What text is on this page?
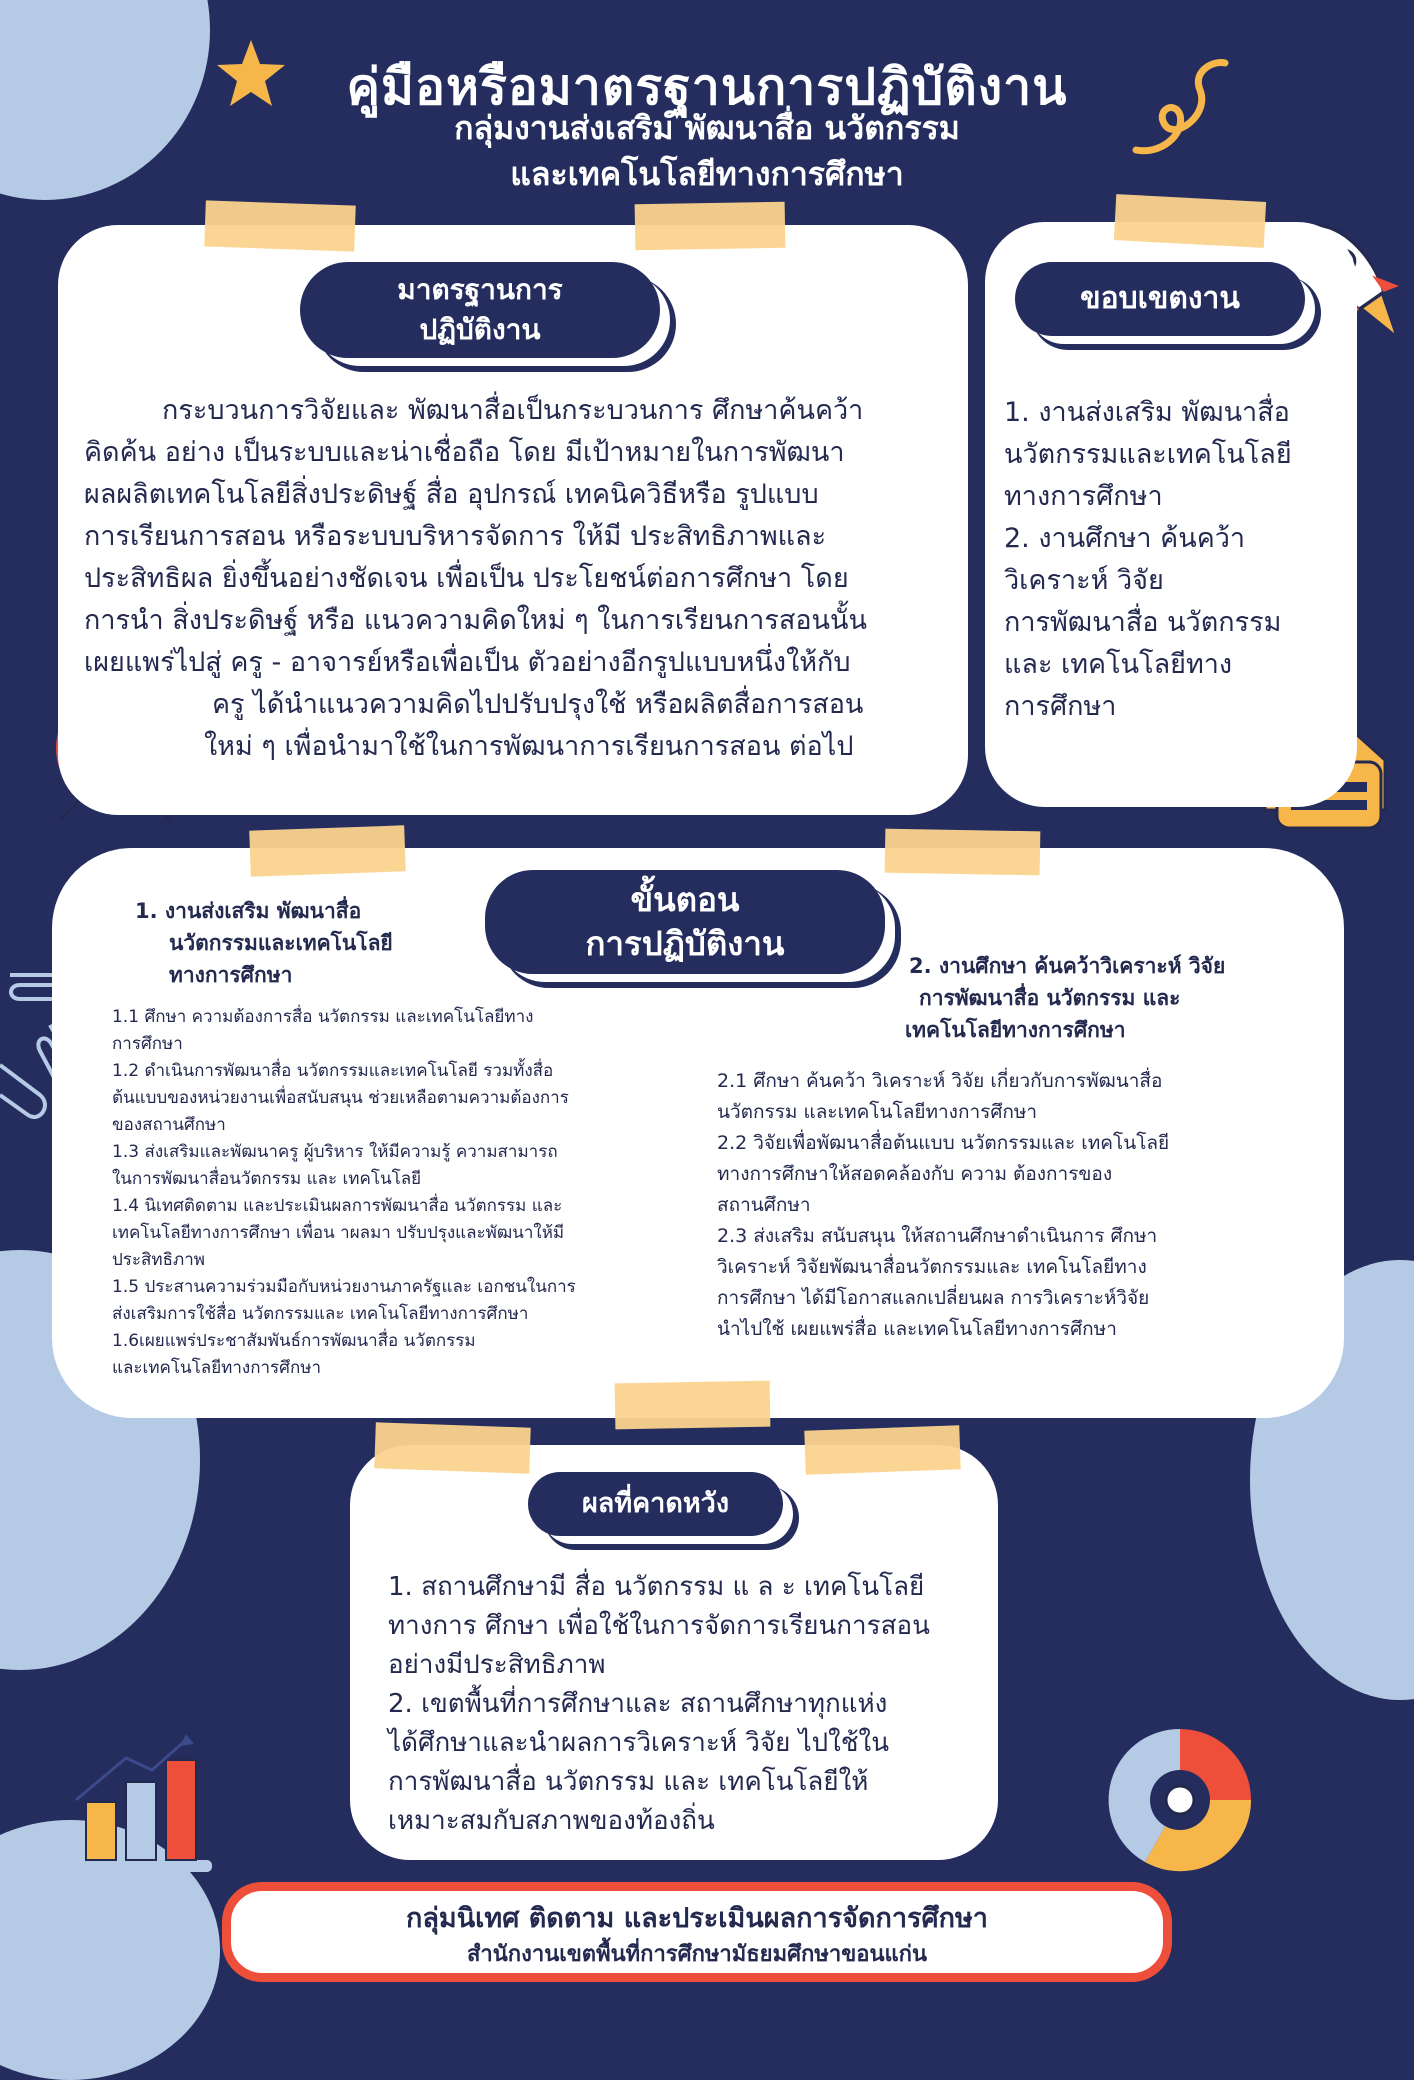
คู่มือหรือมาตรฐานการปฏิบัติงาน
กลุ่มงานส่งเสริม พัฒนาสื่อ นวัตกรรม
และเทคโนโลยีทางการศึกษา
มาตรฐานการ
ปฏิบัติงาน
กระบวนการวิจัยและ พัฒนาสื่อเป็นกระบวนการ ศึกษาค้นคว้า
คิดค้น อย่าง เป็นระบบและน่าเชื่อถือ โดย มีเป้าหมายในการพัฒนา
ผลผลิตเทคโนโลยีสิ่งประดิษฐ์ สื่อ อุปกรณ์ เทคนิควิธีหรือ รูปแบบ
การเรียนการสอน หรือระบบบริหารจัดการ ให้มี ประสิทธิภาพและ
ประสิทธิผล ยิ่งขึ้นอย่างชัดเจน เพื่อเป็น ประโยชน์ต่อการศึกษา โดย
การนำ สิ่งประดิษฐ์ หรือ แนวความคิดใหม่ ๆ ในการเรียนการสอนนั้น
เผยแพร่ไปสู่ ครู - อาจารย์หรือเพื่อเป็น ตัวอย่างอีกรูปแบบหนึ่งให้กับ
ครู ได้นำแนวความคิดไปปรับปรุงใช้ หรือผลิตสื่อการสอน
ใหม่ ๆ เพื่อนำมาใช้ในการพัฒนาการเรียนการสอน ต่อไป
ขอบเขตงาน
1. งานส่งเสริม พัฒนาสื่อ
นวัตกรรมและเทคโนโลยี
ทางการศึกษา
2. งานศึกษา ค้นคว้า
วิเคราะห์ วิจัย
การพัฒนาสื่อ นวัตกรรม
และ เทคโนโลยีทาง
การศึกษา
ขั้นตอน
การปฏิบัติงาน
1. งานส่งเสริม พัฒนาสื่อ
นวัตกรรมและเทคโนโลยี
ทางการศึกษา
1.1 ศึกษา ความต้องการสื่อ นวัตกรรม และเทคโนโลยีทาง
การศึกษา
1.2 ดำเนินการพัฒนาสื่อ นวัตกรรมและเทคโนโลยี รวมทั้งสื่อ
ต้นแบบของหน่วยงานเพื่อสนับสนุน ช่วยเหลือตามความต้องการ
ของสถานศึกษา
1.3 ส่งเสริมและพัฒนาครู ผู้บริหาร ให้มีความรู้ ความสามารถ
ในการพัฒนาสื่อนวัตกรรม และ เทคโนโลยี
1.4 นิเทศติดตาม และประเมินผลการพัฒนาสื่อ นวัตกรรม และ
เทคโนโลยีทางการศึกษา เพื่อน าผลมา ปรับปรุงและพัฒนาให้มี
ประสิทธิภาพ
1.5 ประสานความร่วมมือกับหน่วยงานภาครัฐและ เอกชนในการ
ส่งเสริมการใช้สื่อ นวัตกรรมและ เทคโนโลยีทางการศึกษา
1.6เผยแพร่ประชาสัมพันธ์การพัฒนาสื่อ นวัตกรรม
และเทคโนโลยีทางการศึกษา
2. งานศึกษา ค้นคว้าวิเคราะห์ วิจัย
การพัฒนาสื่อ นวัตกรรม และ
เทคโนโลยีทางการศึกษา
2.1 ศึกษา ค้นคว้า วิเคราะห์ วิจัย เกี่ยวกับการพัฒนาสื่อ
นวัตกรรม และเทคโนโลยีทางการศึกษา
2.2 วิจัยเพื่อพัฒนาสื่อต้นแบบ นวัตกรรมและ เทคโนโลยี
ทางการศึกษาให้สอดคล้องกับ ความ ต้องการของ
สถานศึกษา
2.3 ส่งเสริม สนับสนุน ให้สถานศึกษาดำเนินการ ศึกษา
วิเคราะห์ วิจัยพัฒนาสื่อนวัตกรรมและ เทคโนโลยีทาง
การศึกษา ได้มีโอกาสแลกเปลี่ยนผล การวิเคราะห์วิจัย
นำไปใช้ เผยแพร่สื่อ และเทคโนโลยีทางการศึกษา
ผลที่คาดหวัง
1. สถานศึกษามี สื่อ นวัตกรรม แ ล ะ เทคโนโลยี
ทางการ ศึกษา เพื่อใช้ในการจัดการเรียนการสอน
อย่างมีประสิทธิภาพ
2. เขตพื้นที่การศึกษาและ สถานศึกษาทุกแห่ง
ได้ศึกษาและนำผลการวิเคราะห์ วิจัย ไปใช้ใน
การพัฒนาสื่อ นวัตกรรม และ เทคโนโลยีให้
เหมาะสมกับสภาพของท้องถิ่น
กลุ่มนิเทศ ติดตาม และประเมินผลการจัดการศึกษา
สำนักงานเขตพื้นที่การศึกษามัธยมศึกษาขอนแก่น
